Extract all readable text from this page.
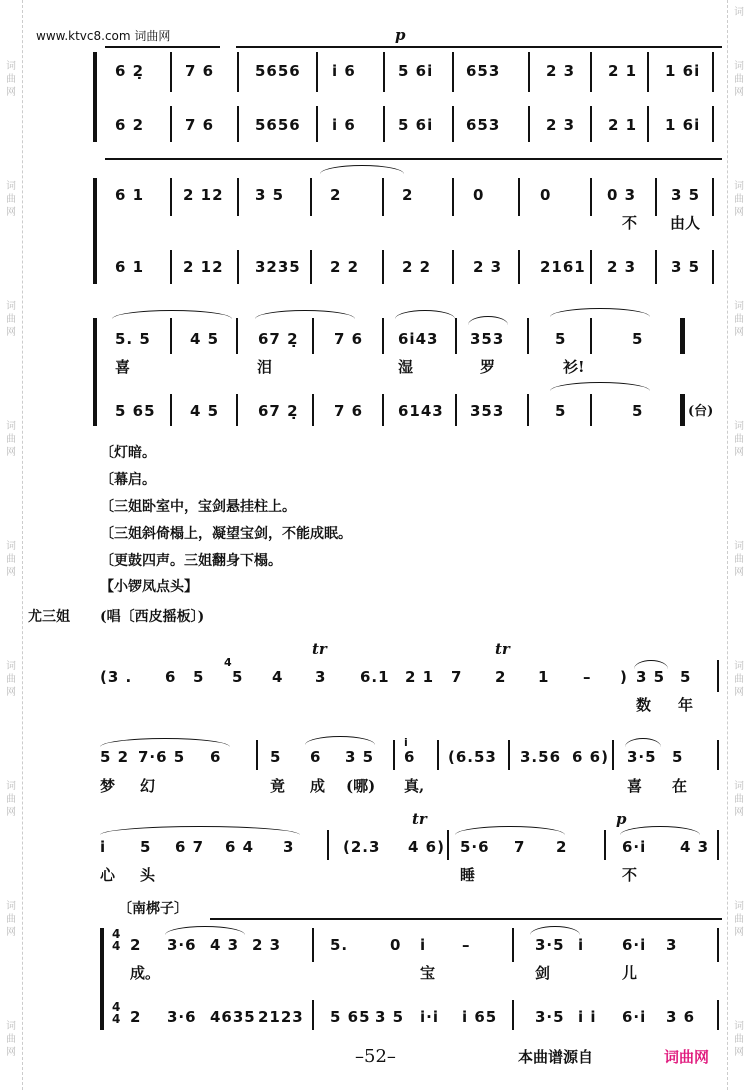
词
曲
网
词
曲
网
词
曲
网
词
曲
网
词
曲
网
词
曲
网
词
曲
网
词
曲
网
词
曲
网
词
曲
网
词
曲
网
词
曲
网
词
曲
网
词
曲
网
词
曲
网
词
曲
网
词
曲
网
词
曲
网
词
www.ktvc8.com 词曲网	p
6 2̣	7 6	5656 i 6	5 6i 653	2 3 2 1 1 6i
6 2	7 6	5656 i 6	5 6i 653	2 3 2 1 1 6i
6 1	2 12 3 5	2	2	0	0	0 3 3 5
6 1	2 12 3235 2 2	2 2	2 3	2161 2 3 3 5
不 由人
5. 5	4 5	67 2̣ 7 6 6i43 353	5	5
5 65 4 5	67 2̣ 7 6 6143 353	5	5
喜	泪	湿	罗	衫!
(台)
〔灯暗。
〔幕启。
〔三姐卧室中，宝剑悬挂柱上。
〔三姐斜倚榻上，凝望宝剑，不能成眠。
〔更鼓四声。三姐翻身下榻。
【小锣凤点头】
尤三姐 (唱〔西皮摇板〕)
(3 . 6 5 5 4 3 6.1 2 1 7 2 1 – ) 3 5 5
4
tr	tr
数 年
5 2 7·6 5 6	5 6 3 5 6 (6.53 3.56 6 6) 3·5 5
i
梦 幻	竟 成 (哪) 真,	喜 在
i 5 6 7 6 4 3	(2.3 4 6) 5·6 7 2	6·i 4 3
tr	p
心 头	睡	不
〔南梆子〕
2 3·6 4 3 2 3	5.	0 i –	3·5 i	6·i 3
2 3·6 4635 2123 5 65 3 5 i·i i 65	3·5 i i 6·i 3 6
4
4
4
4
成。	宝	剑	儿
–52–	本曲谱源自	词曲网
